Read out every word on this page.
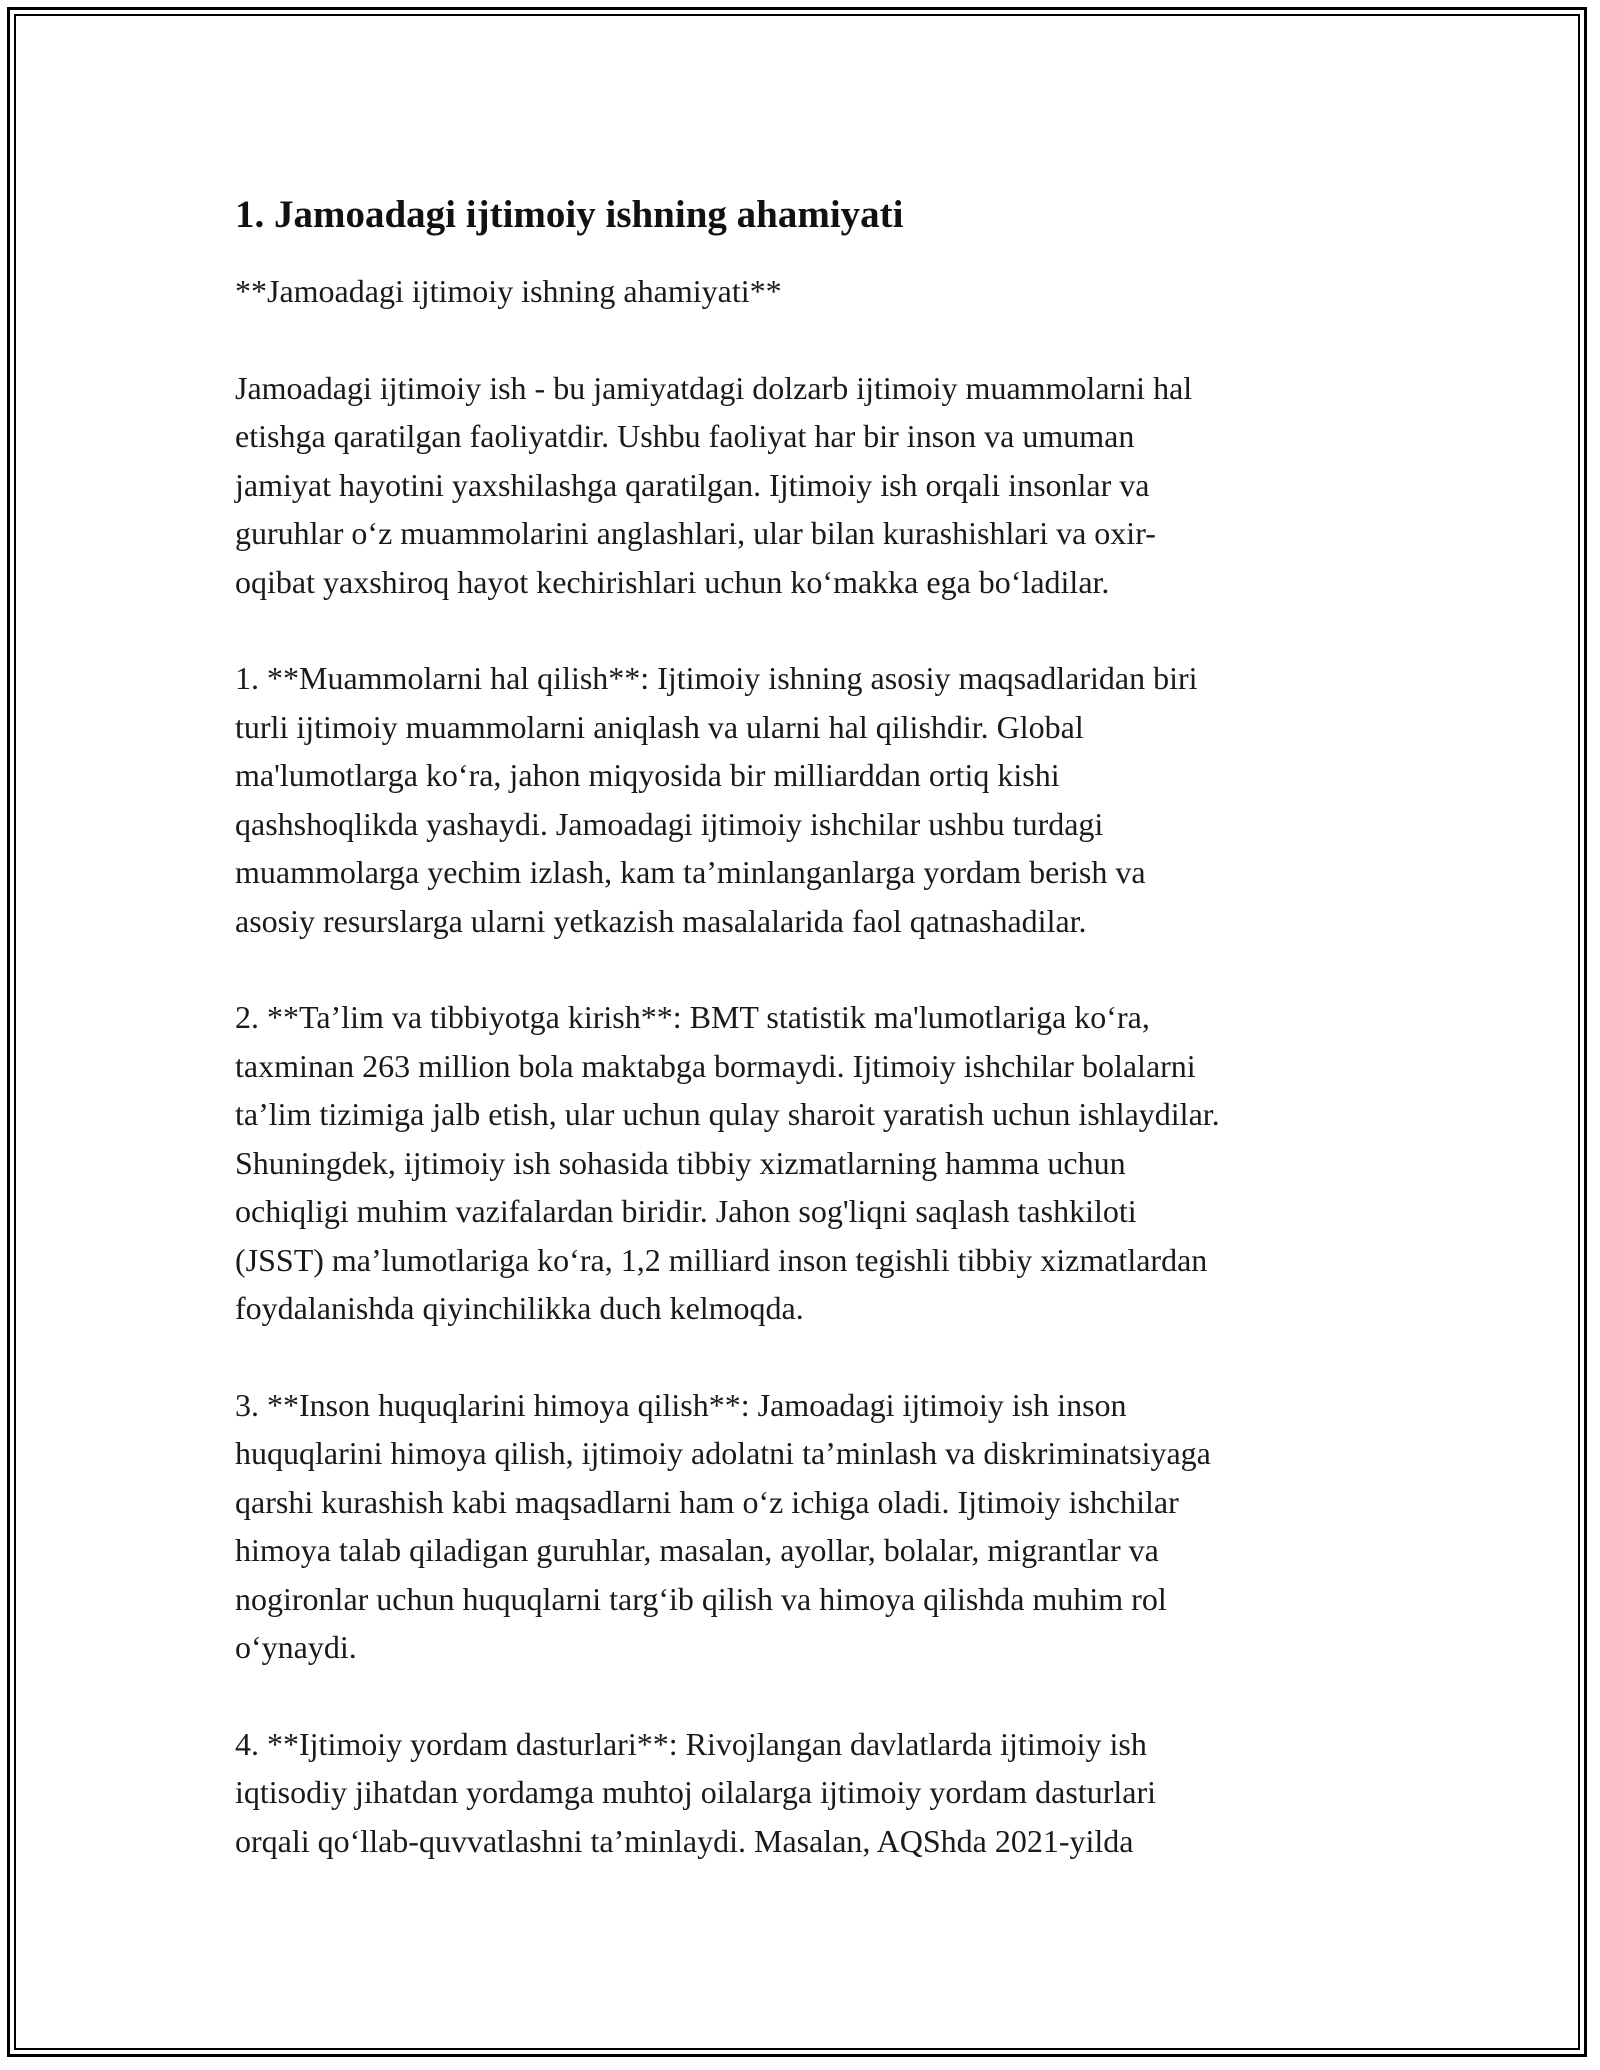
1. Jamoadagi ijtimoiy ishning ahamiyati
**Jamoadagi ijtimoiy ishning ahamiyati**
Jamoadagi ijtimoiy ish - bu jamiyatdagi dolzarb ijtimoiy muammolarni hal
etishga qaratilgan faoliyatdir. Ushbu faoliyat har bir inson va umuman
jamiyat hayotini yaxshilashga qaratilgan. Ijtimoiy ish orqali insonlar va
guruhlar o‘z muammolarini anglashlari, ular bilan kurashishlari va oxir-
oqibat yaxshiroq hayot kechirishlari uchun ko‘makka ega bo‘ladilar.
1. **Muammolarni hal qilish**: Ijtimoiy ishning asosiy maqsadlaridan biri
turli ijtimoiy muammolarni aniqlash va ularni hal qilishdir. Global
ma'lumotlarga ko‘ra, jahon miqyosida bir milliarddan ortiq kishi
qashshoqlikda yashaydi. Jamoadagi ijtimoiy ishchilar ushbu turdagi
muammolarga yechim izlash, kam ta’minlanganlarga yordam berish va
asosiy resurslarga ularni yetkazish masalalarida faol qatnashadilar.
2. **Ta’lim va tibbiyotga kirish**: BMT statistik ma'lumotlariga ko‘ra,
taxminan 263 million bola maktabga bormaydi. Ijtimoiy ishchilar bolalarni
ta’lim tizimiga jalb etish, ular uchun qulay sharoit yaratish uchun ishlaydilar.
Shuningdek, ijtimoiy ish sohasida tibbiy xizmatlarning hamma uchun
ochiqligi muhim vazifalardan biridir. Jahon sog'liqni saqlash tashkiloti
(JSST) ma’lumotlariga ko‘ra, 1,2 milliard inson tegishli tibbiy xizmatlardan
foydalanishda qiyinchilikka duch kelmoqda.
3. **Inson huquqlarini himoya qilish**: Jamoadagi ijtimoiy ish inson
huquqlarini himoya qilish, ijtimoiy adolatni ta’minlash va diskriminatsiyaga
qarshi kurashish kabi maqsadlarni ham o‘z ichiga oladi. Ijtimoiy ishchilar
himoya talab qiladigan guruhlar, masalan, ayollar, bolalar, migrantlar va
nogironlar uchun huquqlarni targ‘ib qilish va himoya qilishda muhim rol
o‘ynaydi.
4. **Ijtimoiy yordam dasturlari**: Rivojlangan davlatlarda ijtimoiy ish
iqtisodiy jihatdan yordamga muhtoj oilalarga ijtimoiy yordam dasturlari
orqali qo‘llab-quvvatlashni ta’minlaydi. Masalan, AQShda 2021-yilda
